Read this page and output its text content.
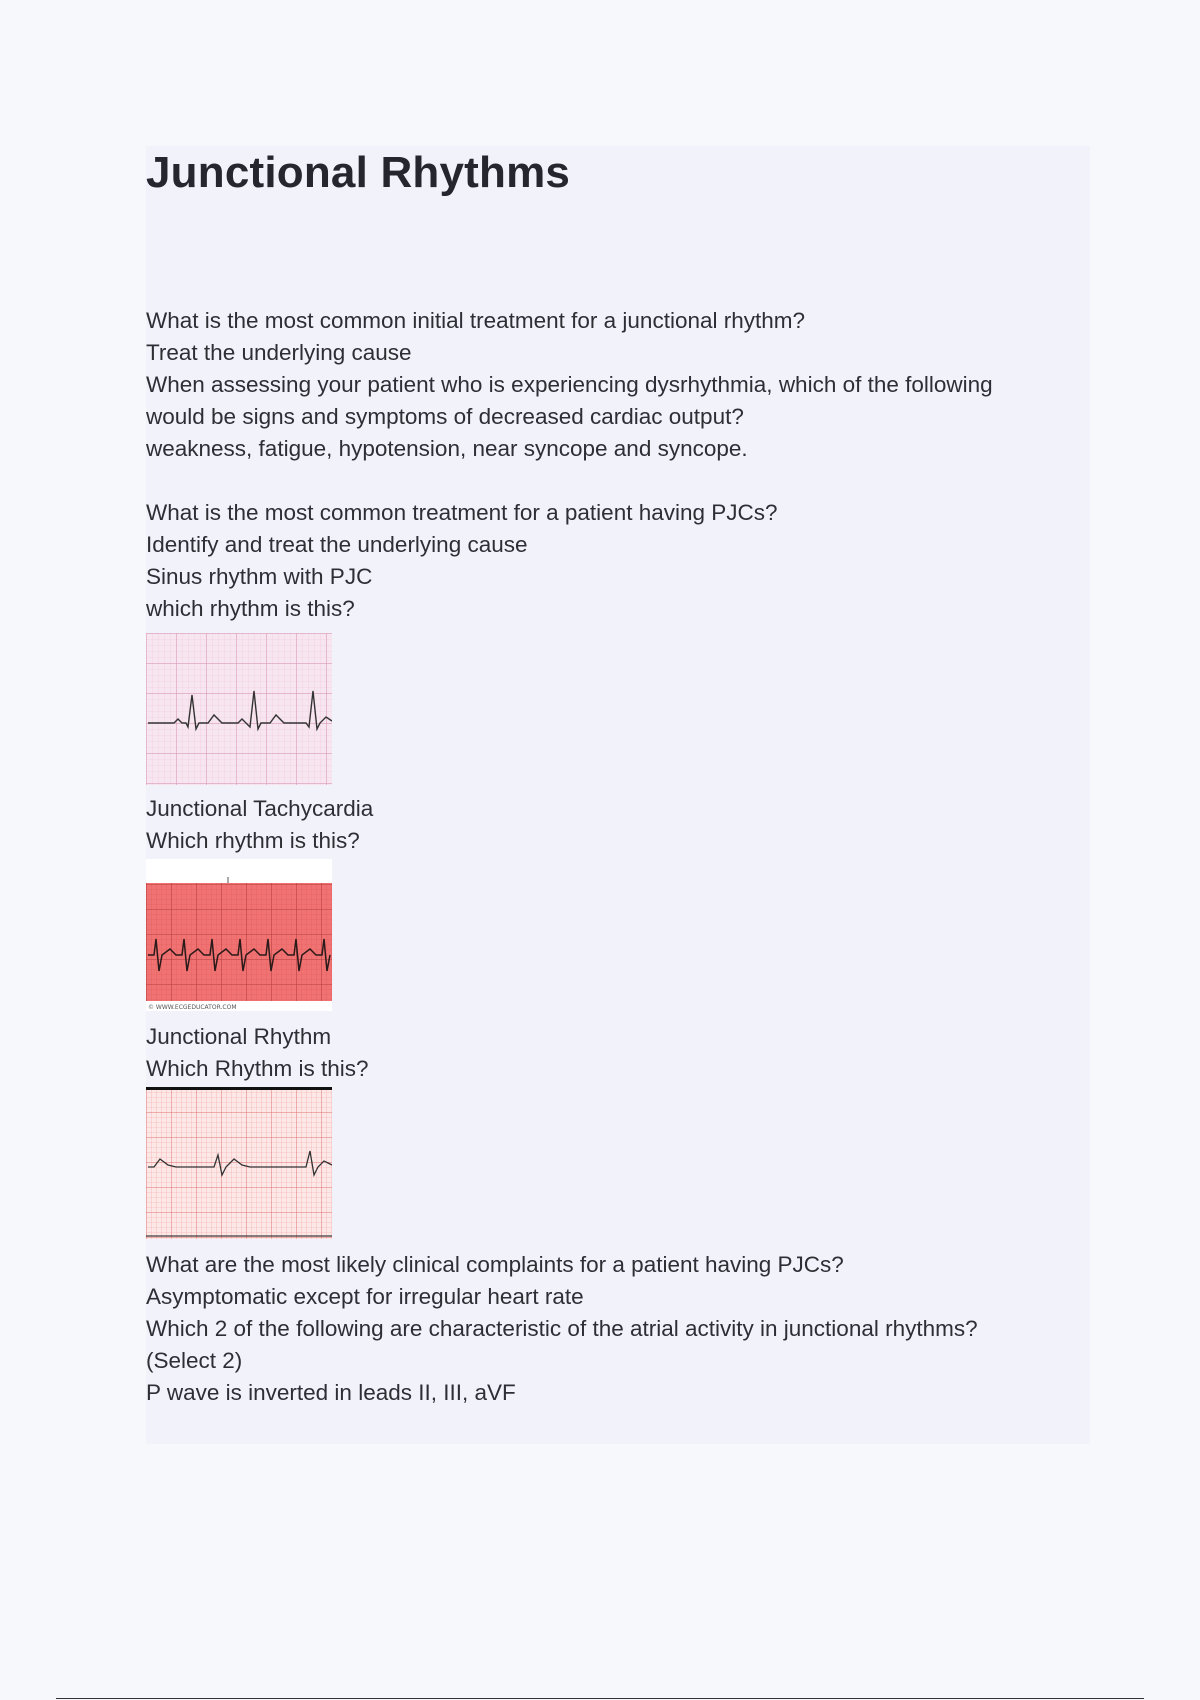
Junctional Rhythms
What is the most common initial treatment for a junctional rhythm?
Treat the underlying cause
When assessing your patient who is experiencing dysrhythmia, which of the following
would be signs and symptoms of decreased cardiac output?
weakness, fatigue, hypotension, near syncope and syncope.
What is the most common treatment for a patient having PJCs?
Identify and treat the underlying cause
Sinus rhythm with PJC
which rhythm is this?
Junctional Tachycardia
Which rhythm is this?
© WWW.ECGEDUCATOR.COM
Junctional Rhythm
Which Rhythm is this?
What are the most likely clinical complaints for a patient having PJCs?
Asymptomatic except for irregular heart rate
Which 2 of the following are characteristic of the atrial activity in junctional rhythms?
(Select 2)
P wave is inverted in leads II, III, aVF
